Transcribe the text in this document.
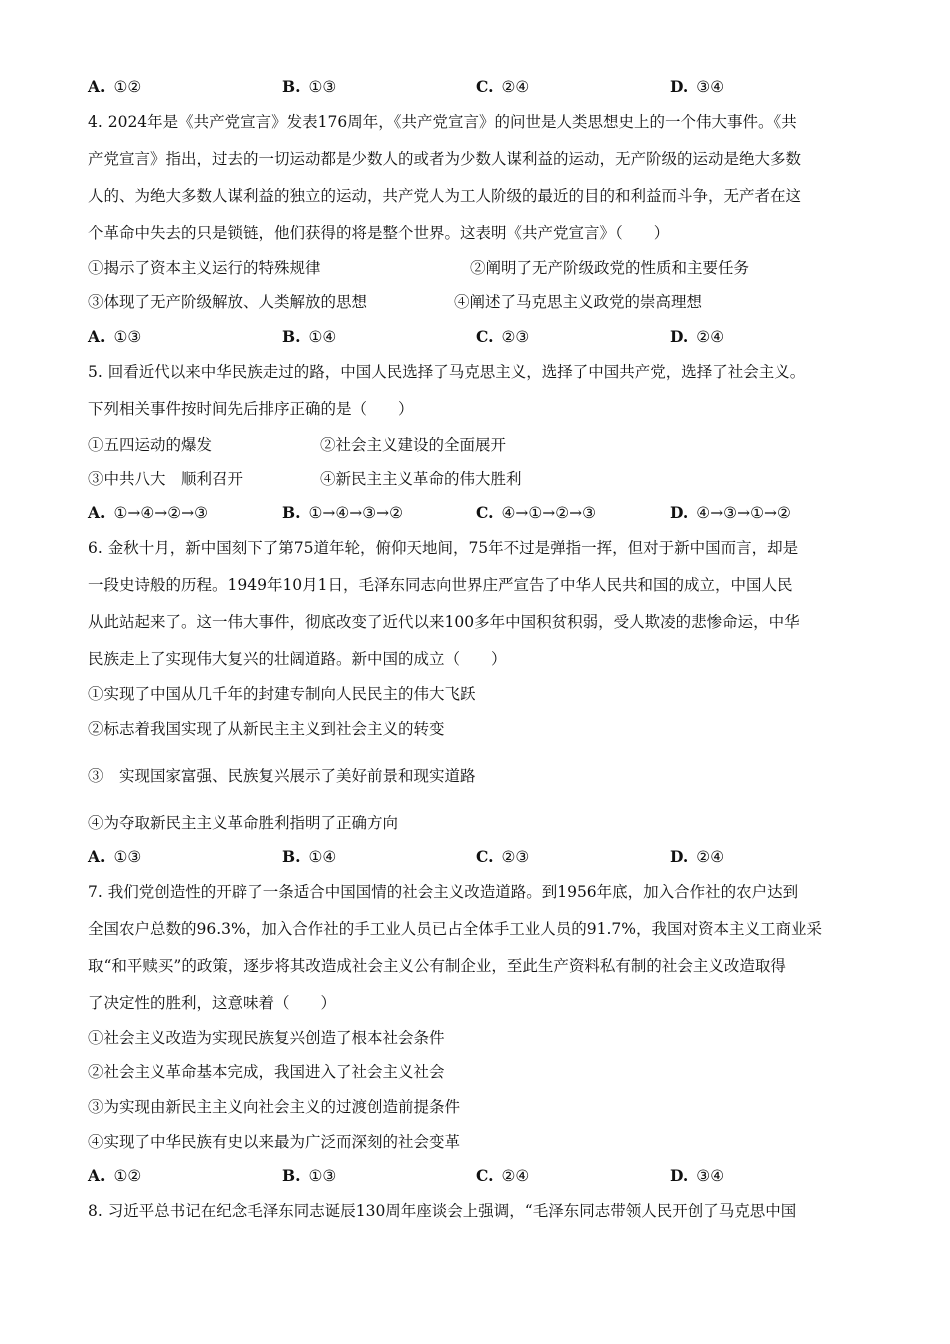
A. ①②	B. ①③	C. ②④	D. ③④
4. 2024年是《共产党宣言》发表176周年，《共产党宣言》的问世是人类思想史上的一个伟大事件。《共
产党宣言》指出，过去的一切运动都是少数人的或者为少数人谋利益的运动，无产阶级的运动是绝大多数
人的、为绝大多数人谋利益的独立的运动，共产党人为工人阶级的最近的目的和利益而斗争，无产者在这
个革命中失去的只是锁链，他们获得的将是整个世界。这表明《共产党宣言》（　　）
①揭示了资本主义运行的特殊规律	②阐明了无产阶级政党的性质和主要任务
③体现了无产阶级解放、人类解放的思想	④阐述了马克思主义政党的崇高理想
A. ①③	B. ①④	C. ②③	D. ②④
5. 回看近代以来中华民族走过的路，中国人民选择了马克思主义，选择了中国共产党，选择了社会主义。
下列相关事件按时间先后排序正确的是（　　）
①五四运动的爆发	②社会主义建设的全面展开
③中共八大　顺利召开	④新民主主义革命的伟大胜利
A. ①→④→②→③	B. ①→④→③→②	C. ④→①→②→③	D. ④→③→①→②
6. 金秋十月，新中国刻下了第75道年轮，俯仰天地间，75年不过是弹指一挥，但对于新中国而言，却是
一段史诗般的历程。1949年10月1日，毛泽东同志向世界庄严宣告了中华人民共和国的成立，中国人民
从此站起来了。这一伟大事件，彻底改变了近代以来100多年中国积贫积弱，受人欺凌的悲惨命运，中华
民族走上了实现伟大复兴的壮阔道路。新中国的成立（　　）
①实现了中国从几千年的封建专制向人民民主的伟大飞跃
②标志着我国实现了从新民主主义到社会主义的转变
③　实现国家富强、民族复兴展示了美好前景和现实道路
④为夺取新民主主义革命胜利指明了正确方向
A. ①③	B. ①④	C. ②③	D. ②④
7. 我们党创造性的开辟了一条适合中国国情的社会主义改造道路。到1956年底，加入合作社的农户达到
全国农户总数的96.3%，加入合作社的手工业人员已占全体手工业人员的91.7%，我国对资本主义工商业采
取“和平赎买”的政策，逐步将其改造成社会主义公有制企业，至此生产资料私有制的社会主义改造取得
了决定性的胜利，这意味着（　　）
①社会主义改造为实现民族复兴创造了根本社会条件
②社会主义革命基本完成，我国进入了社会主义社会
③为实现由新民主主义向社会主义的过渡创造前提条件
④实现了中华民族有史以来最为广泛而深刻的社会变革
A. ①②	B. ①③	C. ②④	D. ③④
8. 习近平总书记在纪念毛泽东同志诞辰130周年座谈会上强调，“毛泽东同志带领人民开创了马克思中国
